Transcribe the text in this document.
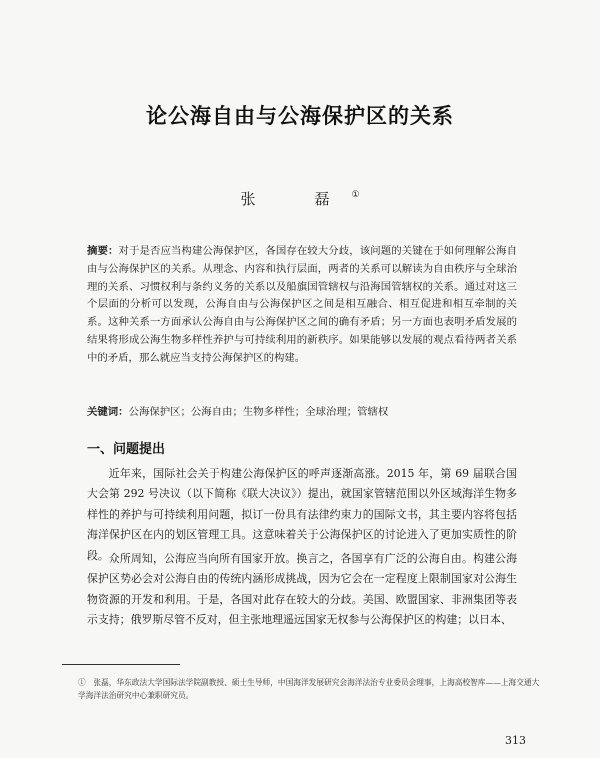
论公海自由与公海保护区的关系
张　磊①
摘要：对于是否应当构建公海保护区，各国存在较大分歧，该问题的关键在于如何理解公海自由与公海保护区的关系。从理念、内容和执行层面，两者的关系可以解读为自由秩序与全球治理的关系、习惯权利与条约义务的关系以及船旗国管辖权与沿海国管辖权的关系。通过对这三个层面的分析可以发现，公海自由与公海保护区之间是相互融合、相互促进和相互牵制的关系。这种关系一方面承认公海自由与公海保护区之间的确有矛盾；另一方面也表明矛盾发展的结果将形成公海生物多样性养护与可持续利用的新秩序。如果能够以发展的观点看待两者关系中的矛盾，那么就应当支持公海保护区的构建。
关键词：公海保护区；公海自由；生物多样性；全球治理；管辖权
一、问题提出
近年来，国际社会关于构建公海保护区的呼声逐渐高涨。2015 年，第 69 届联合国大会第 292 号决议（以下简称《联大决议》）提出，就国家管辖范围以外区域海洋生物多样性的养护与可持续利用问题，拟订一份具有法律约束力的国际文书，其主要内容将包括海洋保护区在内的划区管理工具。这意味着关于公海保护区的讨论进入了更加实质性的阶段。 众所周知，公海应当向所有国家开放。换言之，各国享有广泛的公海自由。构建公海保护区势必会对公海自由的传统内涵形成挑战，因为它会在一定程度上限制国家对公海生物资源的开发和利用。于是，各国对此存在较大的分歧。美国、欧盟国家、非洲集团等表示支持；俄罗斯尽管不反对，但主张地理遥远国家无权参与公海保护区的构建；以日本、
①　张磊，华东政法大学国际法学院副教授、硕士生导师，中国海洋发展研究会海洋法治专业委员会理事，上海高校智库——上海交通大学海洋法治研究中心兼职研究员。
313
